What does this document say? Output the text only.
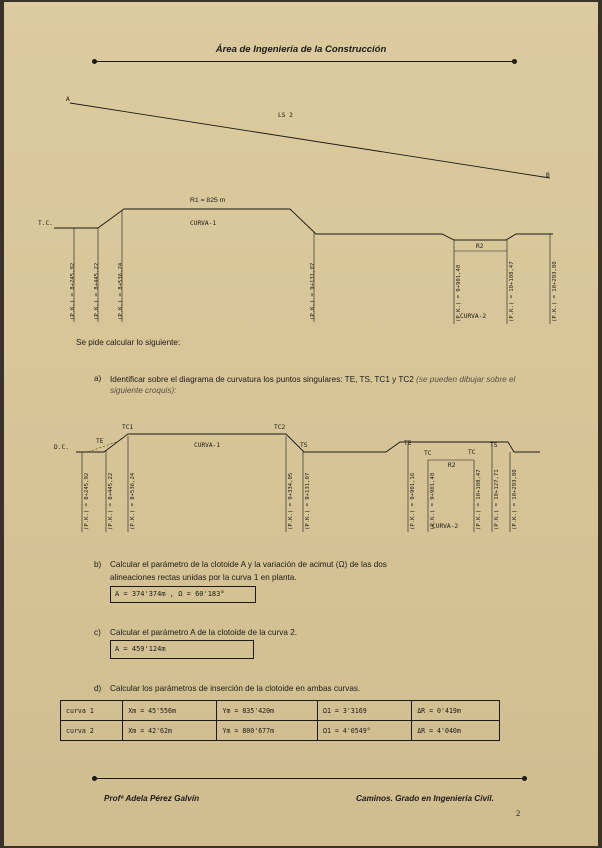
Área de Ingeniería de la Construcción
A
B
LS 2
R1 = 825 m
CURVA-1
T.C.
R2
CURVA-2
(P.K.) = 8+245,92	(P.K.) = 8+445,22	(P.K.) = 8+536,24	(P.K.) = 9+131,07	(P.K.) = 9+901,48	(P.K.) = 10+108,47	(P.K.) = 10+293,80
Se pide calcular lo siguiente:
a) Identificar sobre el diagrama de curvatura los puntos singulares: TE, TS, TC1 y TC2 (se pueden dibujar sobre el siguiente croquis):
D.C.
TE
TC1	TC2
TS	TE
TC	TC
TS
CURVA-1
R2
CURVA-2
(P.K.) = 8+245,92	(P.K.) = 8+445,22	(P.K.) = 8+536,24	(P.K.) = 9+334,05 (P.K.) = 9+131,07	(P.K.) = 9+901,16	(P.K.) = 9+901,48	(P.K.) = 10+108,47 (P.K.) = 10+127,71 (P.K.) = 10+293,80
b) Calcular el parámetro de la clotoide A y la variación de acimut (Ω) de las dos
alineaciones rectas unidas por la curva 1 en planta.
A = 374'374m , Ω = 60'183°
c) Calcular el parámetro A de la clotoide de la curva 2.
A = 459'124m
d) Calcular los parámetros de inserción de la clotoide en ambas curvas.
curva 1	Xm = 45'556m	Ym = 835'420m	Ω1 = 3'3169	ΔR = 0'419m
curva 2	Xm = 42'62m	Ym = 800'677m	Ω1 = 4'0549°	ΔR = 4'040m
Profª Adela Pérez Galvín	Caminos. Grado en Ingeniería Civil.
2
